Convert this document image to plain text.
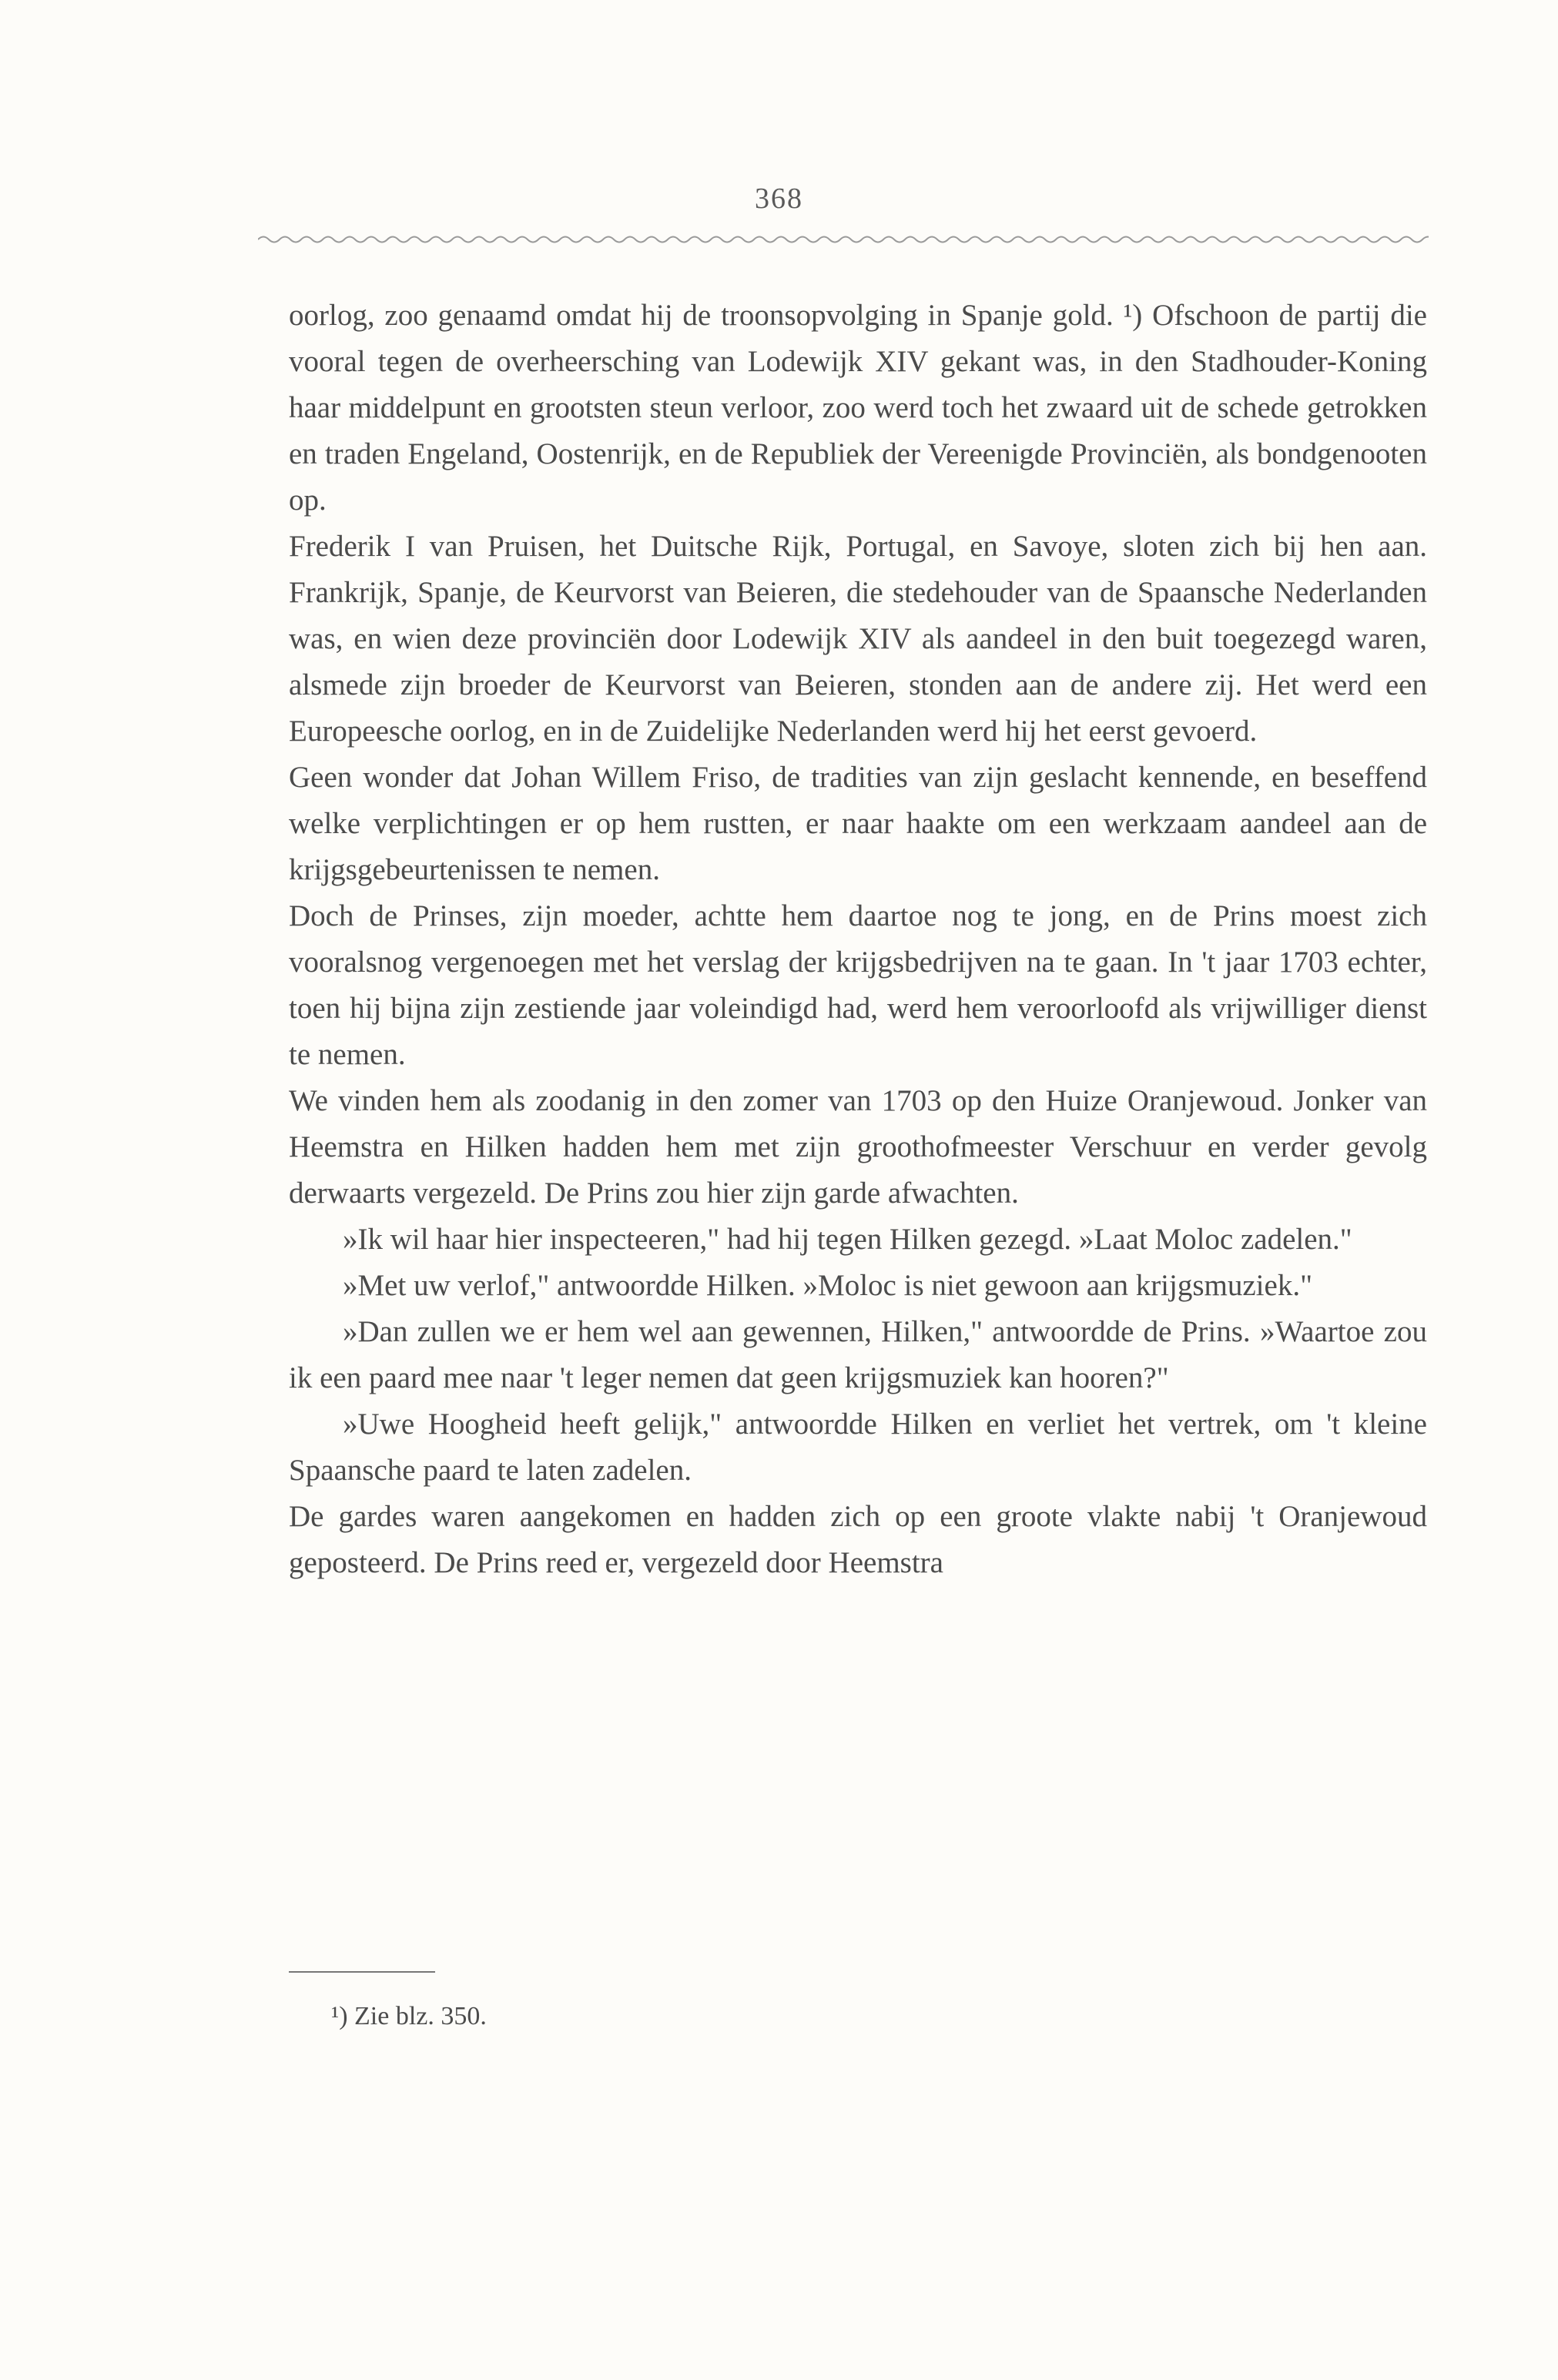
368

oorlog, zoo genaamd omdat hij de troonsopvolging in Spanje gold. ¹) Ofschoon de partij die vooral tegen de overheersching van Lodewijk XIV gekant was, in den Stadhouder-Koning haar middelpunt en grootsten steun verloor, zoo werd toch het zwaard uit de schede getrokken en traden Engeland, Oostenrijk, en de Republiek der Vereenigde Provinciën, als bondgenooten op.

Frederik I van Pruisen, het Duitsche Rijk, Portugal, en Savoye, sloten zich bij hen aan. Frankrijk, Spanje, de Keurvorst van Beieren, die stedehouder van de Spaansche Nederlanden was, en wien deze provinciën door Lodewijk XIV als aandeel in den buit toegezegd waren, alsmede zijn broeder de Keurvorst van Beieren, stonden aan de andere zij. Het werd een Europeesche oorlog, en in de Zuidelijke Nederlanden werd hij het eerst gevoerd.

Geen wonder dat Johan Willem Friso, de tradities van zijn geslacht kennende, en beseffend welke verplichtingen er op hem rustten, er naar haakte om een werkzaam aandeel aan de krijgsgebeurtenissen te nemen.

Doch de Prinses, zijn moeder, achtte hem daartoe nog te jong, en de Prins moest zich vooralsnog vergenoegen met het verslag der krijgsbedrijven na te gaan. In 't jaar 1703 echter, toen hij bijna zijn zestiende jaar voleindigd had, werd hem veroorloofd als vrijwilliger dienst te nemen.

We vinden hem als zoodanig in den zomer van 1703 op den Huize Oranjewoud. Jonker van Heemstra en Hilken hadden hem met zijn groothofmeester Verschuur en verder gevolg derwaarts vergezeld. De Prins zou hier zijn garde afwachten.

»Ik wil haar hier inspecteeren," had hij tegen Hilken gezegd. »Laat Moloc zadelen."

»Met uw verlof," antwoordde Hilken. »Moloc is niet gewoon aan krijgsmuziek."

»Dan zullen we er hem wel aan gewennen, Hilken," antwoordde de Prins. »Waartoe zou ik een paard mee naar 't leger nemen dat geen krijgsmuziek kan hooren?"

»Uwe Hoogheid heeft gelijk," antwoordde Hilken en verliet het vertrek, om 't kleine Spaansche paard te laten zadelen.

De gardes waren aangekomen en hadden zich op een groote vlakte nabij 't Oranjewoud geposteerd. De Prins reed er, vergezeld door Heemstra

¹) Zie blz. 350.
